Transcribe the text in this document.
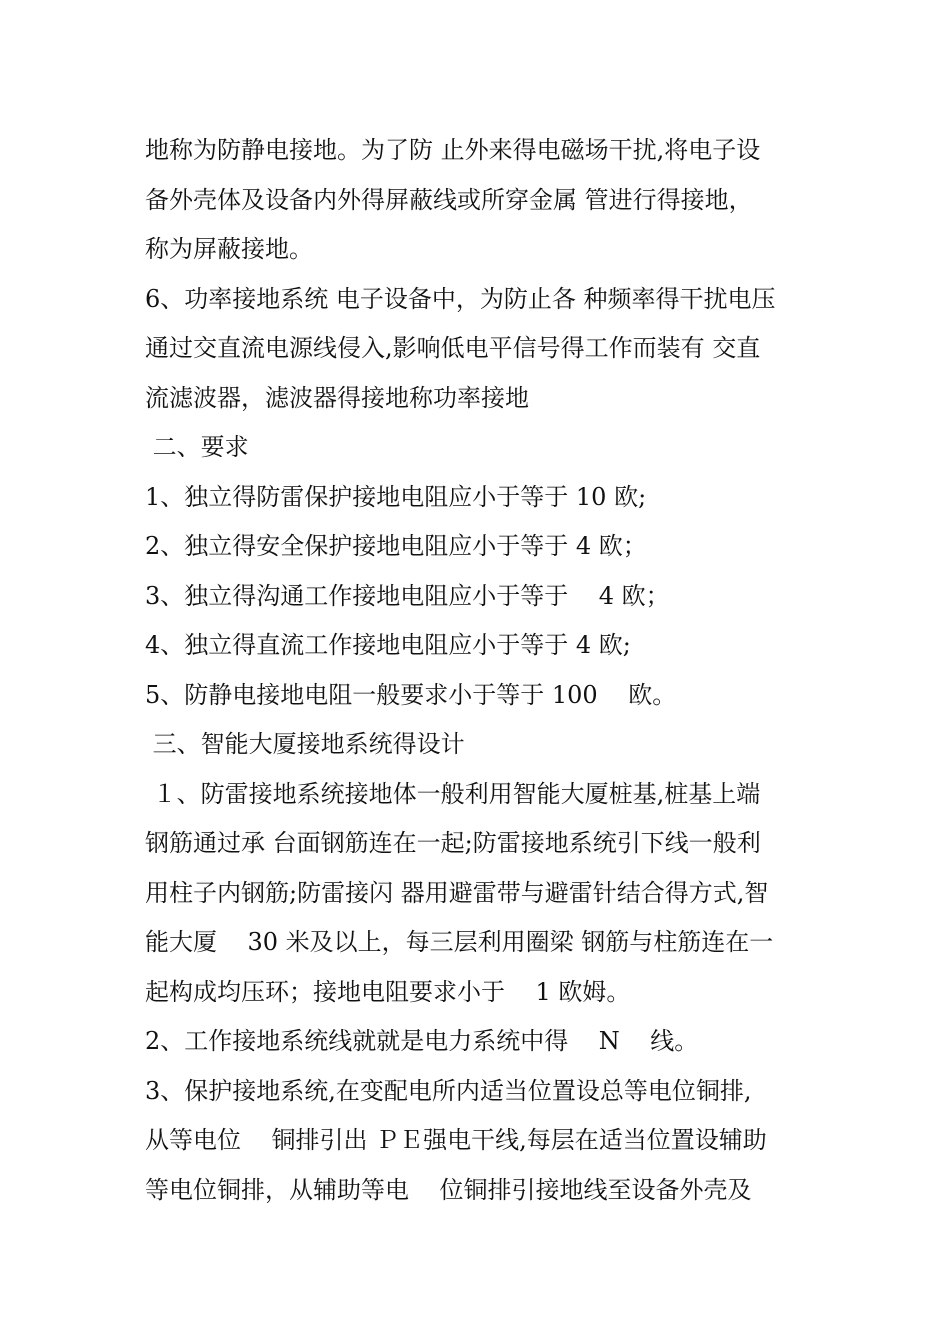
地称为防静电接地。为了防 止外来得电磁场干扰,将电子设
备外壳体及设备内外得屏蔽线或所穿金属 管进行得接地，
称为屏蔽接地。
6、功率接地系统 电子设备中，为防止各 种频率得干扰电压
通过交直流电源线侵入,影响低电平信号得工作而装有 交直
流滤波器，滤波器得接地称功率接地
二、要求
1、独立得防雷保护接地电阻应小于等于 10 欧;
2、独立得安全保护接地电阻应小于等于 4 欧；
3、独立得沟通工作接地电阻应小于等于    4 欧；
4、独立得直流工作接地电阻应小于等于 4 欧;
5、防静电接地电阻一般要求小于等于 100    欧。
三、智能大厦接地系统得设计
１、防雷接地系统接地体一般利用智能大厦桩基,桩基上端
钢筋通过承 台面钢筋连在一起;防雷接地系统引下线一般利
用柱子内钢筋;防雷接闪 器用避雷带与避雷针结合得方式,智
能大厦    30 米及以上，每三层利用圈梁 钢筋与柱筋连在一
起构成均压环；接地电阻要求小于    1 欧姆。
2、工作接地系统线就就是电力系统中得    N    线。
3、保护接地系统,在变配电所内适当位置设总等电位铜排,
从等电位    铜排引出 ＰＥ强电干线,每层在适当位置设辅助
等电位铜排，从辅助等电    位铜排引接地线至设备外壳及
